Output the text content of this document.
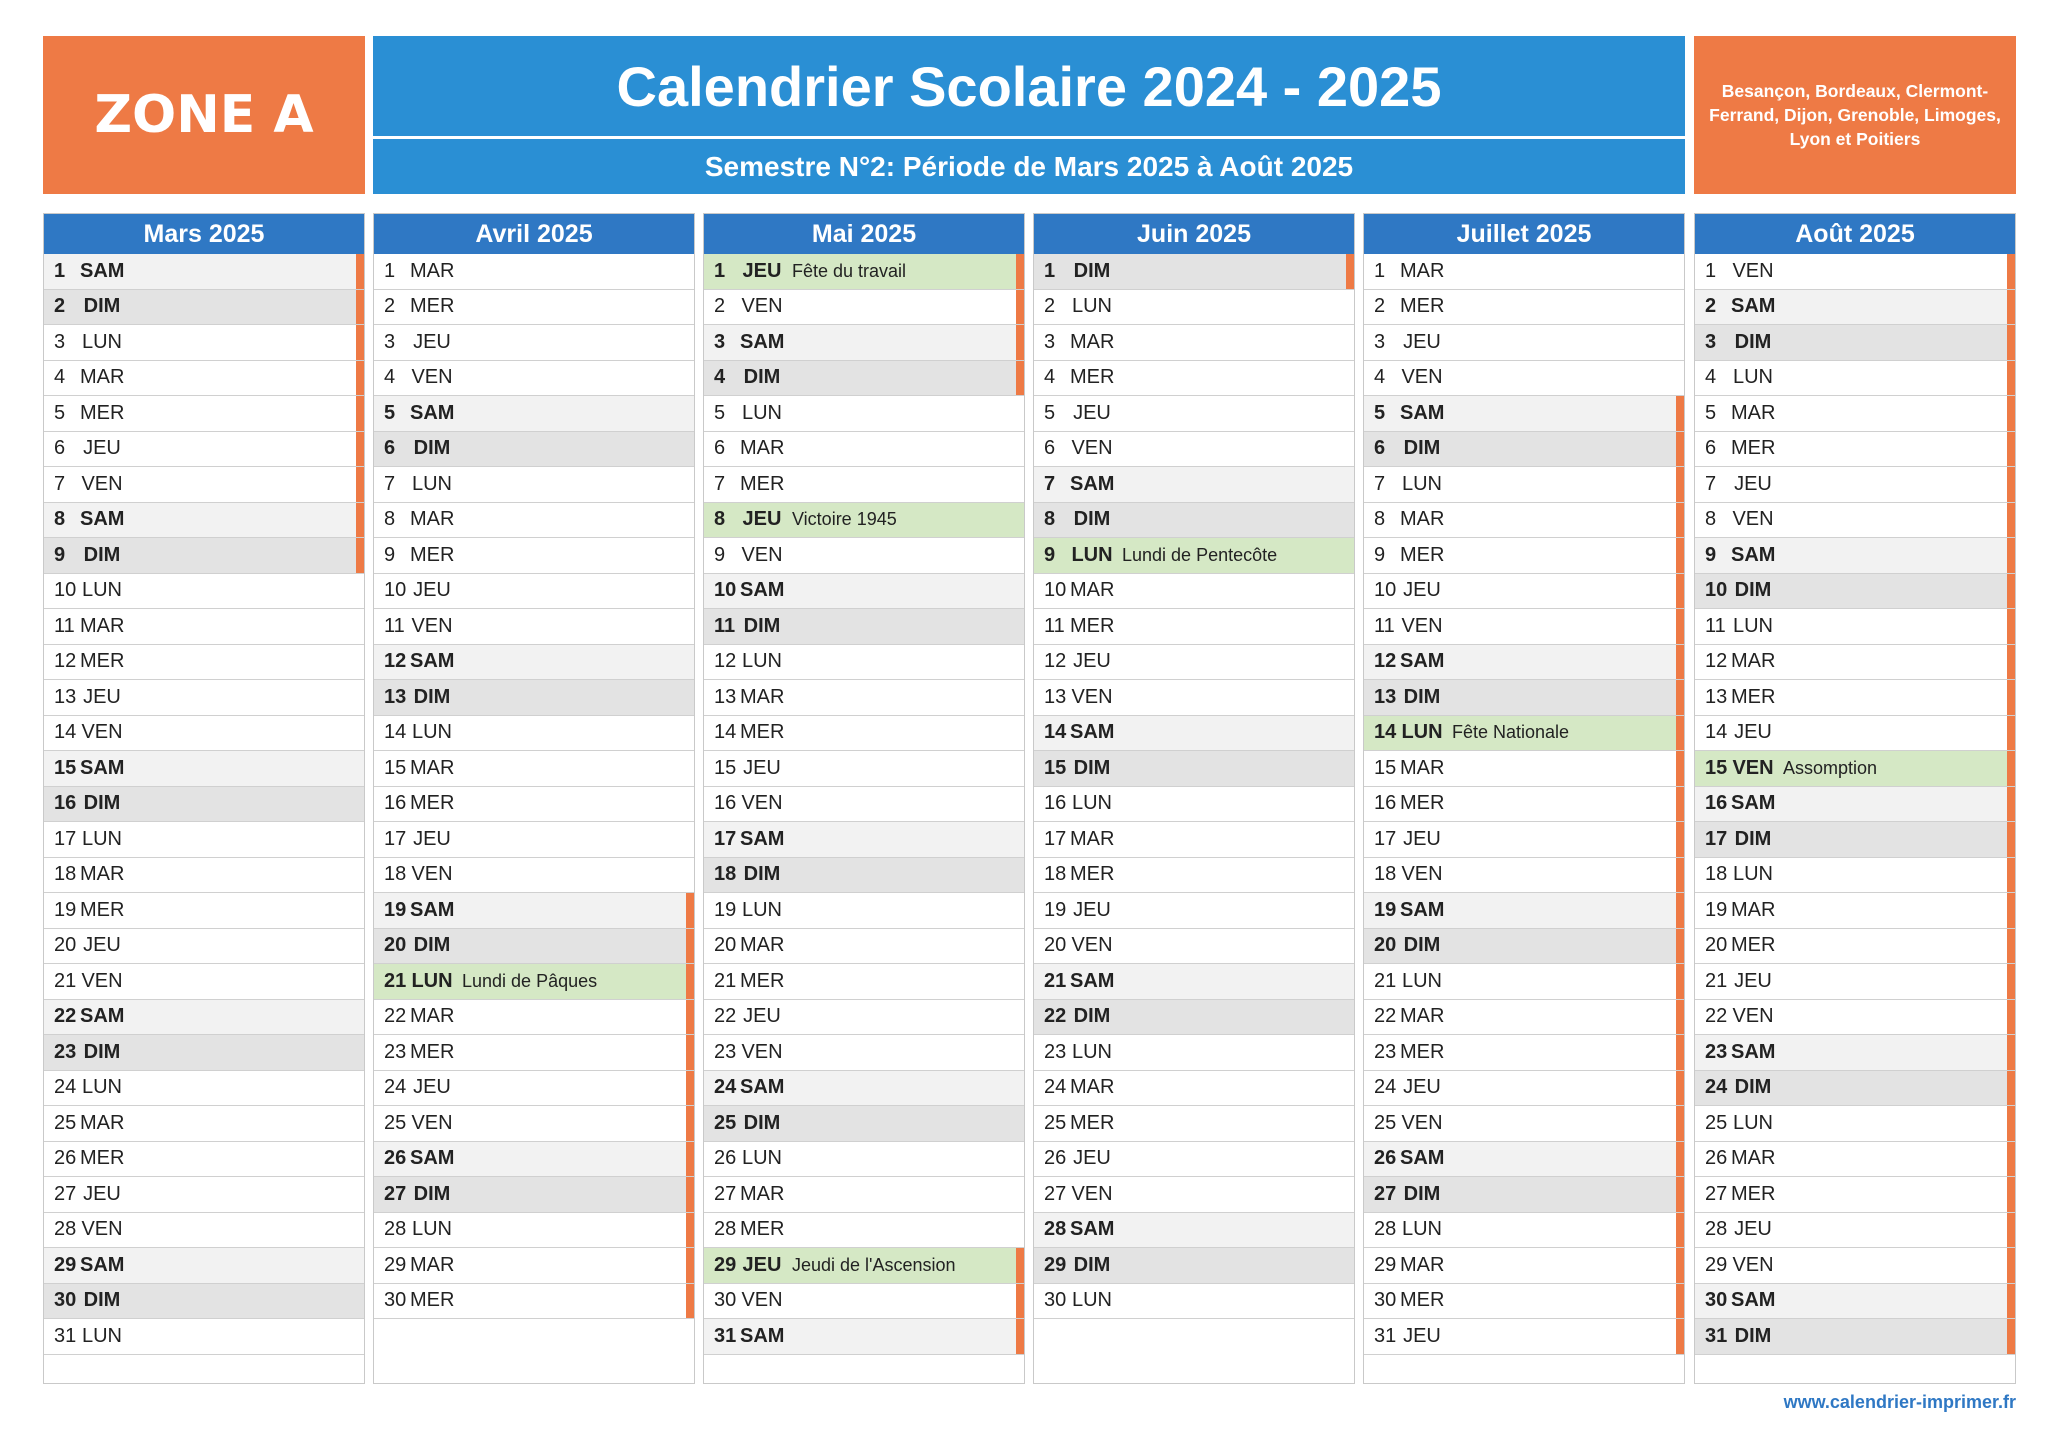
ZONE A	Calendrier Scolaire 2024 - 2025
Semestre N°2: Période de Mars 2025 à Août 2025
Besançon, Bordeaux, Clermont-Ferrand, Dijon, Grenoble, Limoges, Lyon et Poitiers
Mars 2025
1 SAM
2 DIM
3 LUN
4 MAR
5 MER
6 JEU
7 VEN
8 SAM
9 DIM
10 LUN
11 MAR
12 MER
13 JEU
14 VEN
15 SAM
16 DIM
17 LUN
18 MAR
19 MER
20 JEU
21 VEN
22 SAM
23 DIM
24 LUN
25 MAR
26 MER
27 JEU
28 VEN
29 SAM
30 DIM
31 LUN
Avril 2025
1 MAR
2 MER
3 JEU
4 VEN
5 SAM
6 DIM
7 LUN
8 MAR
9 MER
10 JEU
11 VEN
12 SAM
13 DIM
14 LUN
15 MAR
16 MER
17 JEU
18 VEN
19 SAM
20 DIM
21 LUN Lundi de Pâques
22 MAR
23 MER
24 JEU
25 VEN
26 SAM
27 DIM
28 LUN
29 MAR
30 MER
Mai 2025
1 JEU Fête du travail
2 VEN
3 SAM
4 DIM
5 LUN
6 MAR
7 MER
8 JEU Victoire 1945
9 VEN
10 SAM
11 DIM
12 LUN
13 MAR
14 MER
15 JEU
16 VEN
17 SAM
18 DIM
19 LUN
20 MAR
21 MER
22 JEU
23 VEN
24 SAM
25 DIM
26 LUN
27 MAR
28 MER
29 JEU Jeudi de l'Ascension
30 VEN
31 SAM
Juin 2025
1 DIM
2 LUN
3 MAR
4 MER
5 JEU
6 VEN
7 SAM
8 DIM
9 LUN Lundi de Pentecôte
10 MAR
11 MER
12 JEU
13 VEN
14 SAM
15 DIM
16 LUN
17 MAR
18 MER
19 JEU
20 VEN
21 SAM
22 DIM
23 LUN
24 MAR
25 MER
26 JEU
27 VEN
28 SAM
29 DIM
30 LUN
Juillet 2025
1 MAR
2 MER
3 JEU
4 VEN
5 SAM
6 DIM
7 LUN
8 MAR
9 MER
10 JEU
11 VEN
12 SAM
13 DIM
14 LUN Fête Nationale
15 MAR
16 MER
17 JEU
18 VEN
19 SAM
20 DIM
21 LUN
22 MAR
23 MER
24 JEU
25 VEN
26 SAM
27 DIM
28 LUN
29 MAR
30 MER
31 JEU
Août 2025
1 VEN
2 SAM
3 DIM
4 LUN
5 MAR
6 MER
7 JEU
8 VEN
9 SAM
10 DIM
11 LUN
12 MAR
13 MER
14 JEU
15 VEN Assomption
16 SAM
17 DIM
18 LUN
19 MAR
20 MER
21 JEU
22 VEN
23 SAM
24 DIM
25 LUN
26 MAR
27 MER
28 JEU
29 VEN
30 SAM
31 DIM
www.calendrier-imprimer.fr
